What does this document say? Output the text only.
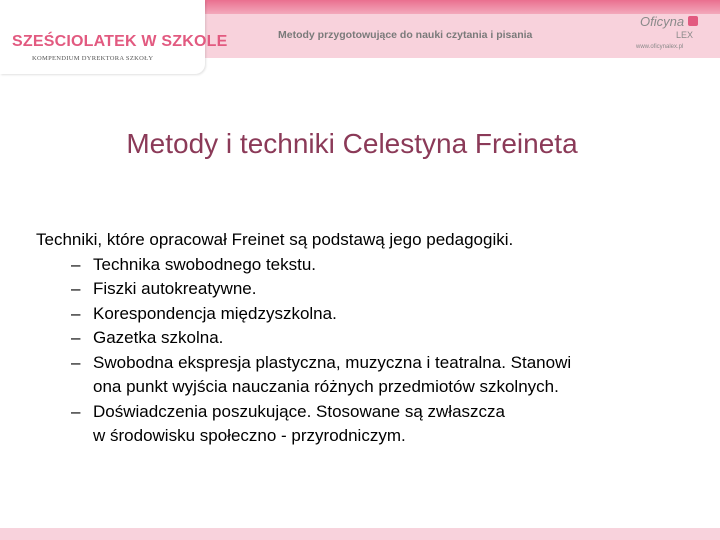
SZEŚCIOLATEK W SZKOLE
KOMPENDIUM DYREKTORA SZKOŁY
Metody przygotowujące do nauki czytania i pisania
Oficyna
LEX
www.oficynalex.pl
Metody i techniki Celestyna Freineta

Techniki, które opracował Freinet są podstawą jego pedagogiki.

– Technika swobodnego tekstu.
– Fiszki autokreatywne.
– Korespondencja międzyszkolna.
– Gazetka szkolna.
– Swobodna ekspresja plastyczna, muzyczna i teatralna. Stanowi
ona punkt wyjścia nauczania różnych przedmiotów szkolnych.
– Doświadczenia poszukujące. Stosowane są zwłaszcza
w środowisku społeczno - przyrodniczym.
